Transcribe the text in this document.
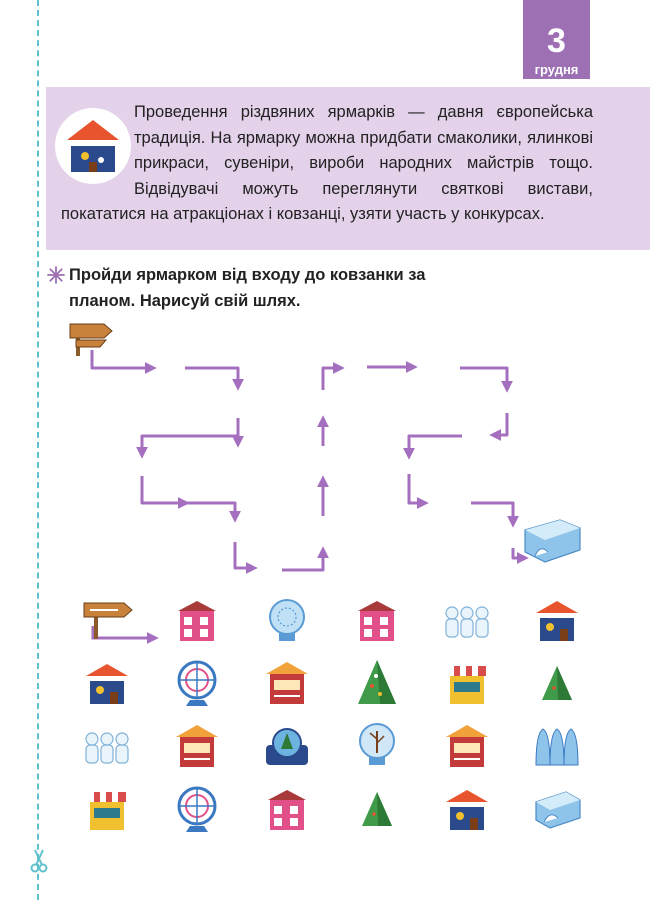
3
грудня
Проведення різдвяних ярмарків — давня європейська традиція. На ярмарку можна придбати смаколики, ялинкові прикраси, сувеніри, вироби народних майстрів тощо. Відвідувачі можуть переглянути святкові вистави, покататися на атракціонах і ковзанці, узяти участь у конкурсах.
Пройди ярмарком від входу до ковзанки за планом. Нарисуй свій шлях.
